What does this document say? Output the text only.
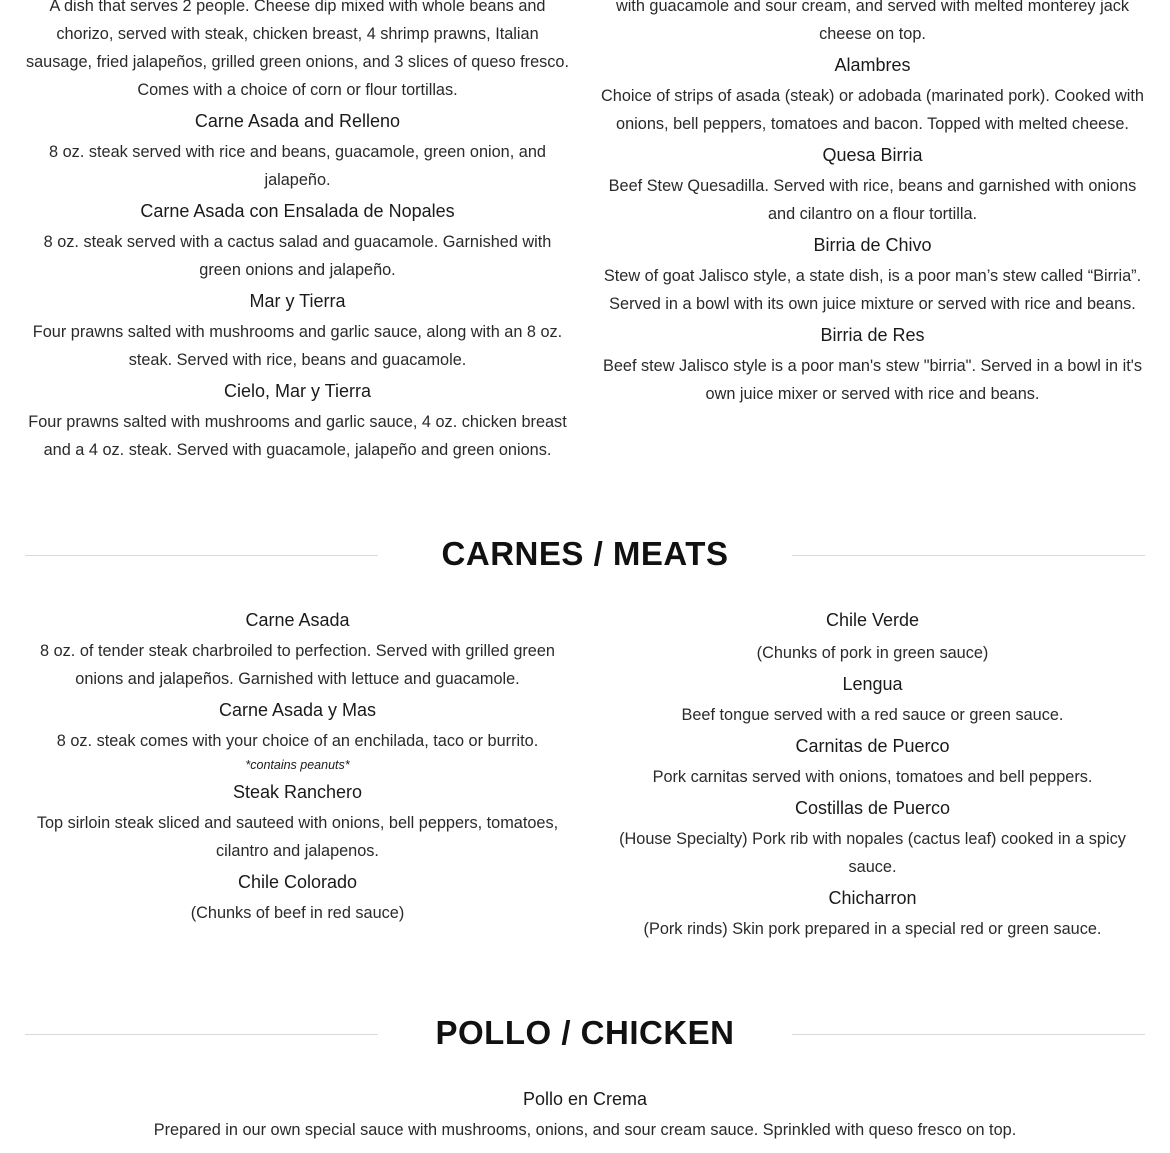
A dish that serves 2 people. Cheese dip mixed with whole beans and chorizo, served with steak, chicken breast, 4 shrimp prawns, Italian sausage, fried jalapeños, grilled green onions, and 3 slices of queso fresco. Comes with a choice of corn or flour tortillas.

Carne Asada and Relleno

8 oz. steak served with rice and beans, guacamole, green onion, and jalapeño.

Carne Asada con Ensalada de Nopales

8 oz. steak served with a cactus salad and guacamole. Garnished with green onions and jalapeño.

Mar y Tierra

Four prawns salted with mushrooms and garlic sauce, along with an 8 oz. steak. Served with rice, beans and guacamole.

Cielo, Mar y Tierra

Four prawns salted with mushrooms and garlic sauce, 4 oz. chicken breast and a 4 oz. steak. Served with guacamole, jalapeño and green onions.

with guacamole and sour cream, and served with melted monterey jack cheese on top.

Alambres

Choice of strips of asada (steak) or adobada (marinated pork). Cooked with onions, bell peppers, tomatoes and bacon. Topped with melted cheese.

Quesa Birria

Beef Stew Quesadilla. Served with rice, beans and garnished with onions and cilantro on a flour tortilla.

Birria de Chivo

Stew of goat Jalisco style, a state dish, is a poor man’s stew called “Birria”. Served in a bowl with its own juice mixture or served with rice and beans.

Birria de Res

Beef stew Jalisco style is a poor man's stew "birria". Served in a bowl in it's own juice mixer or served with rice and beans.

CARNES / MEATS
Carne Asada

8 oz. of tender steak charbroiled to perfection. Served with grilled green onions and jalapeños. Garnished with lettuce and guacamole.

Carne Asada y Mas

8 oz. steak comes with your choice of an enchilada, taco or burrito.

*contains peanuts*

Steak Ranchero

Top sirloin steak sliced and sauteed with onions, bell peppers, tomatoes, cilantro and jalapenos.

Chile Colorado

(Chunks of beef in red sauce)

Chile Verde

(Chunks of pork in green sauce)

Lengua

Beef tongue served with a red sauce or green sauce.

Carnitas de Puerco

Pork carnitas served with onions, tomatoes and bell peppers.

Costillas de Puerco

(House Specialty) Pork rib with nopales (cactus leaf) cooked in a spicy sauce.

Chicharron

(Pork rinds) Skin pork prepared in a special red or green sauce.

POLLO / CHICKEN
Pollo en Crema

Prepared in our own special sauce with mushrooms, onions, and sour cream sauce. Sprinkled with queso fresco on top.
